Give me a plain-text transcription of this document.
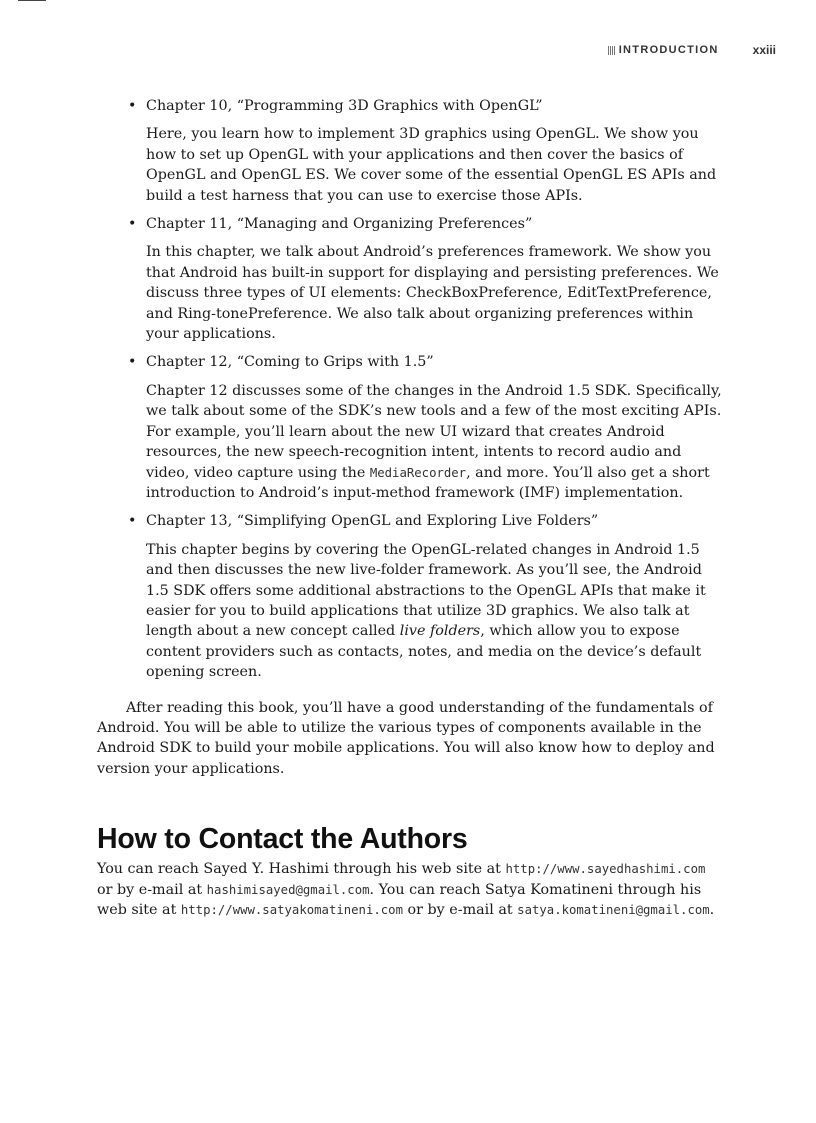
INTRODUCTION	xxiii
• Chapter 10, “Programming 3D Graphics with OpenGL”

Here, you learn how to implement 3D graphics using OpenGL. We show you how to set up OpenGL with your applications and then cover the basics of OpenGL and OpenGL ES. We cover some of the essential OpenGL ES APIs and build a test harness that you can use to exercise those APIs.

• Chapter 11, “Managing and Organizing Preferences”

In this chapter, we talk about Android’s preferences framework. We show you that Android has built-in support for displaying and persisting preferences. We discuss three types of UI elements: CheckBoxPreference, EditTextPreference, and Ring-tonePreference. We also talk about organizing preferences within your applications.

• Chapter 12, “Coming to Grips with 1.5”

Chapter 12 discusses some of the changes in the Android 1.5 SDK. Specifically, we talk about some of the SDK’s new tools and a few of the most exciting APIs. For example, you’ll learn about the new UI wizard that creates Android resources, the new speech-recognition intent, intents to record audio and video, video capture using the MediaRecorder, and more. You’ll also get a short introduction to Android’s input-method framework (IMF) implementation.

• Chapter 13, “Simplifying OpenGL and Exploring Live Folders”

This chapter begins by covering the OpenGL-related changes in Android 1.5 and then discusses the new live-folder framework. As you’ll see, the Android 1.5 SDK offers some additional abstractions to the OpenGL APIs that make it easier for you to build applications that utilize 3D graphics. We also talk at length about a new concept called live folders, which allow you to expose content providers such as contacts, notes, and media on the device’s default opening screen.

After reading this book, you’ll have a good understanding of the fundamentals of Android. You will be able to utilize the various types of components available in the Android SDK to build your mobile applications. You will also know how to deploy and version your applications.

How to Contact the Authors

You can reach Sayed Y. Hashimi through his web site at http://www.sayedhashimi.com or by e-mail at hashimisayed@gmail.com. You can reach Satya Komatineni through his web site at http://www.satyakomatineni.com or by e-mail at satya.komatineni@gmail.com.
